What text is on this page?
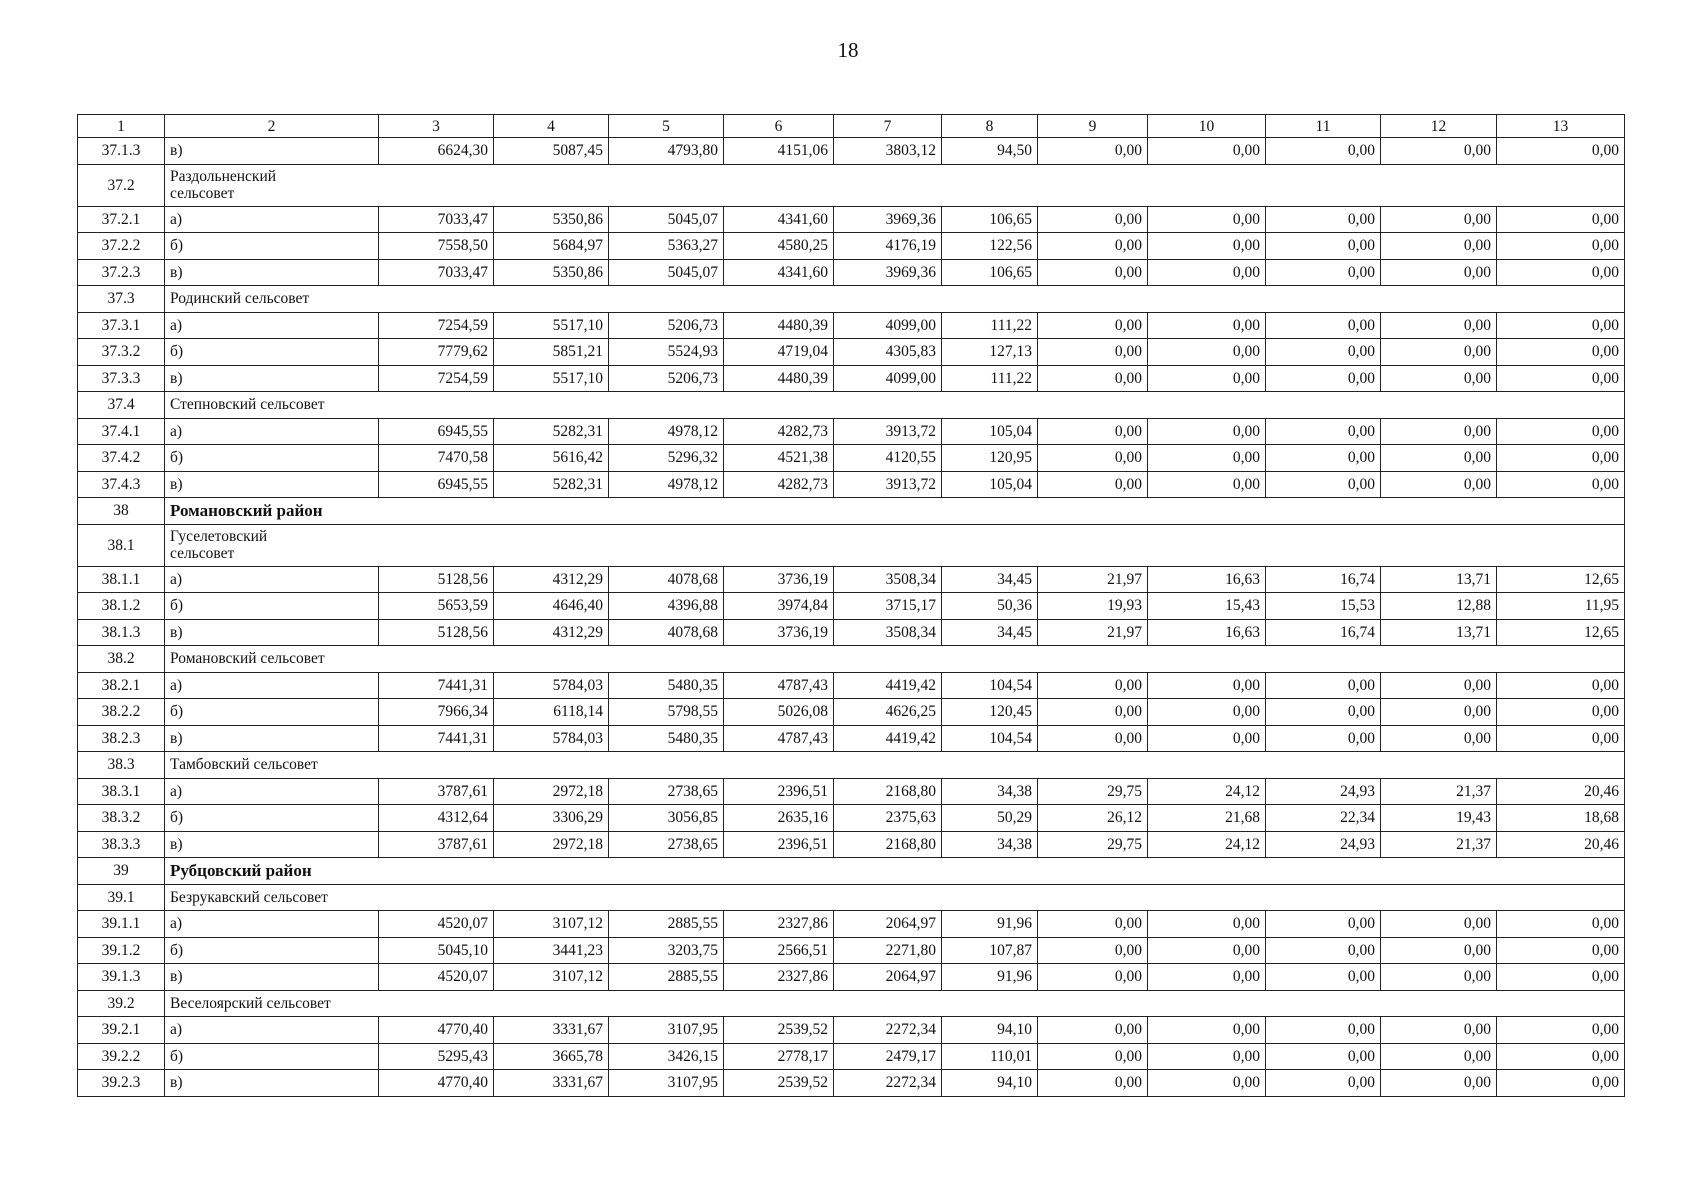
18
1	2	3	4	5	6	7	8	9	10	11	12	13
37.1.3	в)	6624,30	5087,45	4793,80	4151,06	3803,12	94,50	0,00	0,00	0,00	0,00	0,00
37.2	Раздольненский сельсовет											
37.2.1	а)	7033,47	5350,86	5045,07	4341,60	3969,36	106,65	0,00	0,00	0,00	0,00	0,00
37.2.2	б)	7558,50	5684,97	5363,27	4580,25	4176,19	122,56	0,00	0,00	0,00	0,00	0,00
37.2.3	в)	7033,47	5350,86	5045,07	4341,60	3969,36	106,65	0,00	0,00	0,00	0,00	0,00
37.3	Родинский сельсовет											
37.3.1	а)	7254,59	5517,10	5206,73	4480,39	4099,00	111,22	0,00	0,00	0,00	0,00	0,00
37.3.2	б)	7779,62	5851,21	5524,93	4719,04	4305,83	127,13	0,00	0,00	0,00	0,00	0,00
37.3.3	в)	7254,59	5517,10	5206,73	4480,39	4099,00	111,22	0,00	0,00	0,00	0,00	0,00
37.4	Степновский сельсовет											
37.4.1	а)	6945,55	5282,31	4978,12	4282,73	3913,72	105,04	0,00	0,00	0,00	0,00	0,00
37.4.2	б)	7470,58	5616,42	5296,32	4521,38	4120,55	120,95	0,00	0,00	0,00	0,00	0,00
37.4.3	в)	6945,55	5282,31	4978,12	4282,73	3913,72	105,04	0,00	0,00	0,00	0,00	0,00
38	Романовский район											
38.1	Гуселетовский сельсовет											
38.1.1	а)	5128,56	4312,29	4078,68	3736,19	3508,34	34,45	21,97	16,63	16,74	13,71	12,65
38.1.2	б)	5653,59	4646,40	4396,88	3974,84	3715,17	50,36	19,93	15,43	15,53	12,88	11,95
38.1.3	в)	5128,56	4312,29	4078,68	3736,19	3508,34	34,45	21,97	16,63	16,74	13,71	12,65
38.2	Романовский сельсовет											
38.2.1	а)	7441,31	5784,03	5480,35	4787,43	4419,42	104,54	0,00	0,00	0,00	0,00	0,00
38.2.2	б)	7966,34	6118,14	5798,55	5026,08	4626,25	120,45	0,00	0,00	0,00	0,00	0,00
38.2.3	в)	7441,31	5784,03	5480,35	4787,43	4419,42	104,54	0,00	0,00	0,00	0,00	0,00
38.3	Тамбовский сельсовет											
38.3.1	а)	3787,61	2972,18	2738,65	2396,51	2168,80	34,38	29,75	24,12	24,93	21,37	20,46
38.3.2	б)	4312,64	3306,29	3056,85	2635,16	2375,63	50,29	26,12	21,68	22,34	19,43	18,68
38.3.3	в)	3787,61	2972,18	2738,65	2396,51	2168,80	34,38	29,75	24,12	24,93	21,37	20,46
39	Рубцовский район											
39.1	Безрукавский сельсовет											
39.1.1	а)	4520,07	3107,12	2885,55	2327,86	2064,97	91,96	0,00	0,00	0,00	0,00	0,00
39.1.2	б)	5045,10	3441,23	3203,75	2566,51	2271,80	107,87	0,00	0,00	0,00	0,00	0,00
39.1.3	в)	4520,07	3107,12	2885,55	2327,86	2064,97	91,96	0,00	0,00	0,00	0,00	0,00
39.2	Веселоярский сельсовет											
39.2.1	а)	4770,40	3331,67	3107,95	2539,52	2272,34	94,10	0,00	0,00	0,00	0,00	0,00
39.2.2	б)	5295,43	3665,78	3426,15	2778,17	2479,17	110,01	0,00	0,00	0,00	0,00	0,00
39.2.3	в)	4770,40	3331,67	3107,95	2539,52	2272,34	94,10	0,00	0,00	0,00	0,00	0,00
